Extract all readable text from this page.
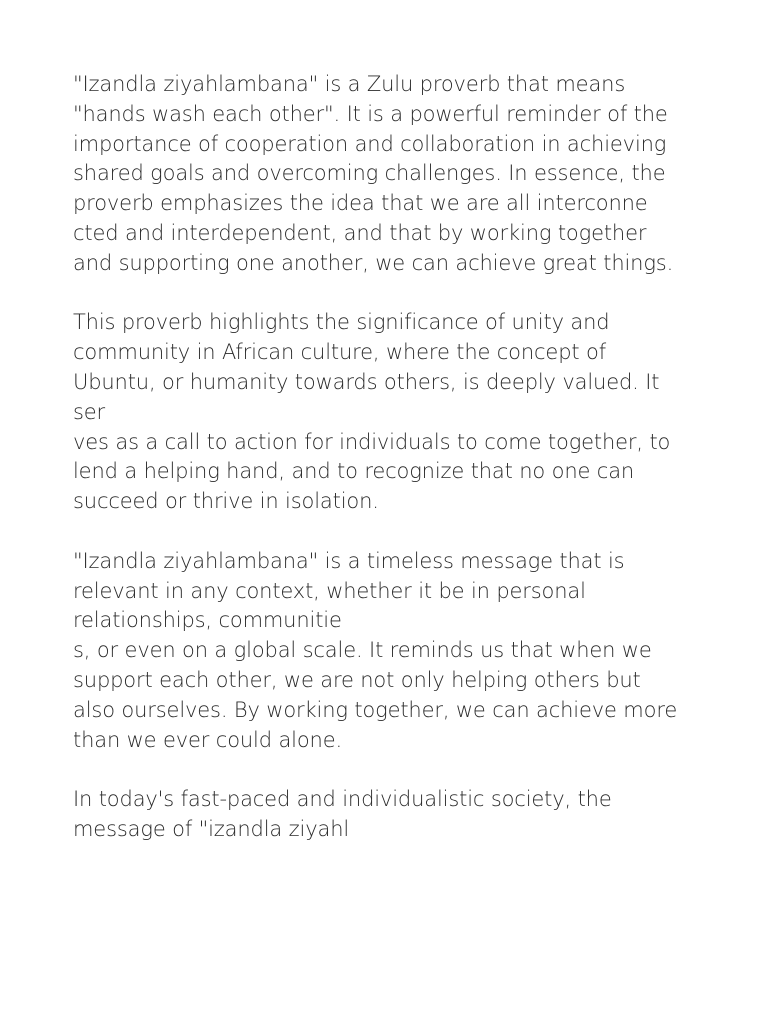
"Izandla ziyahlambana" is a Zulu proverb that means
"hands wash each other". It is a powerful reminder of the
importance of cooperation and collaboration in achieving
shared goals and overcoming challenges. In essence, the
proverb emphasizes the idea that we are all interconne
cted and interdependent, and that by working together
and supporting one another, we can achieve great things.
This proverb highlights the significance of unity and
community in African culture, where the concept of
Ubuntu, or humanity towards others, is deeply valued. It
ser
ves as a call to action for individuals to come together, to
lend a helping hand, and to recognize that no one can
succeed or thrive in isolation.
"Izandla ziyahlambana" is a timeless message that is
relevant in any context, whether it be in personal
relationships, communitie
s, or even on a global scale. It reminds us that when we
support each other, we are not only helping others but
also ourselves. By working together, we can achieve more
than we ever could alone.
In today's fast-paced and individualistic society, the
message of "izandla ziyahl
